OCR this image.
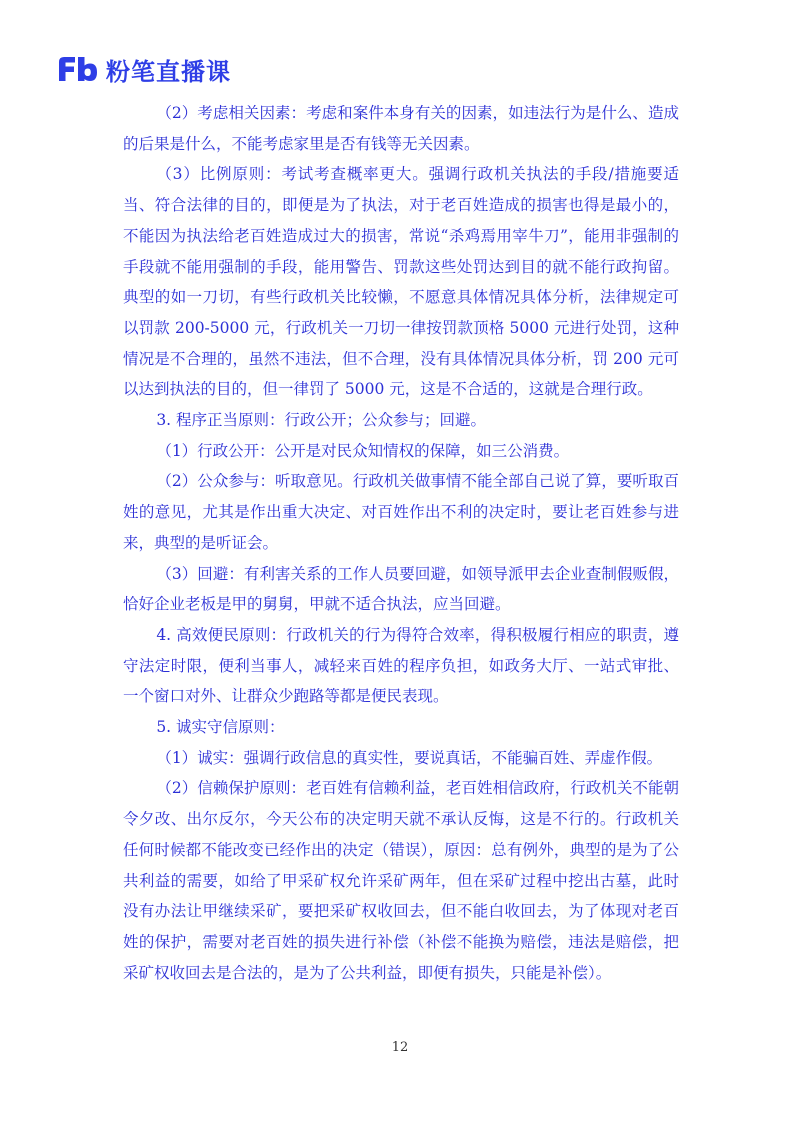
粉笔直播课

（2）考虑相关因素：考虑和案件本身有关的因素，如违法行为是什么、造成的后果是什么，不能考虑家里是否有钱等无关因素。

（3）比例原则：考试考查概率更大。强调行政机关执法的手段/措施要适当、符合法律的目的，即便是为了执法，对于老百姓造成的损害也得是最小的，不能因为执法给老百姓造成过大的损害，常说“杀鸡焉用宰牛刀”，能用非强制的手段就不能用强制的手段，能用警告、罚款这些处罚达到目的就不能行政拘留。典型的如一刀切，有些行政机关比较懒，不愿意具体情况具体分析，法律规定可以罚款 200-5000 元，行政机关一刀切一律按罚款顶格 5000 元进行处罚，这种情况是不合理的，虽然不违法，但不合理，没有具体情况具体分析，罚 200 元可以达到执法的目的，但一律罚了 5000 元，这是不合适的，这就是合理行政。

3. 程序正当原则：行政公开；公众参与；回避。

（1）行政公开：公开是对民众知情权的保障，如三公消费。

（2）公众参与：听取意见。行政机关做事情不能全部自己说了算，要听取百姓的意见，尤其是作出重大决定、对百姓作出不利的决定时，要让老百姓参与进来，典型的是听证会。

（3）回避：有利害关系的工作人员要回避，如领导派甲去企业查制假贩假，恰好企业老板是甲的舅舅，甲就不适合执法，应当回避。

4. 高效便民原则：行政机关的行为得符合效率，得积极履行相应的职责，遵守法定时限，便利当事人，减轻来百姓的程序负担，如政务大厅、一站式审批、一个窗口对外、让群众少跑路等都是便民表现。

5. 诚实守信原则：

（1）诚实：强调行政信息的真实性，要说真话，不能骗百姓、弄虚作假。

（2）信赖保护原则：老百姓有信赖利益，老百姓相信政府，行政机关不能朝令夕改、出尔反尔，今天公布的决定明天就不承认反悔，这是不行的。行政机关任何时候都不能改变已经作出的决定（错误），原因：总有例外，典型的是为了公共利益的需要，如给了甲采矿权允许采矿两年，但在采矿过程中挖出古墓，此时没有办法让甲继续采矿，要把采矿权收回去，但不能白收回去，为了体现对老百姓的保护，需要对老百姓的损失进行补偿（补偿不能换为赔偿，违法是赔偿，把采矿权收回去是合法的，是为了公共利益，即便有损失，只能是补偿）。

12
